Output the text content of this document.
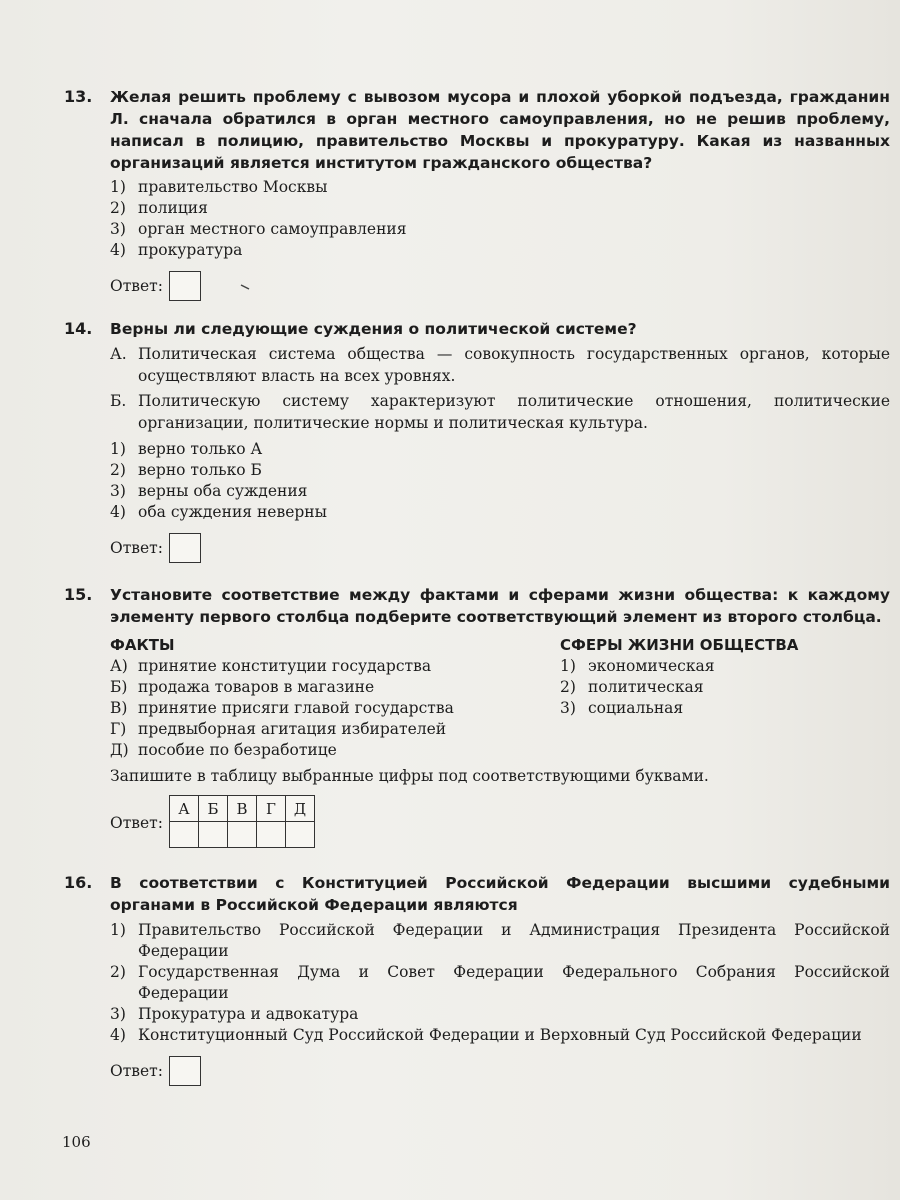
13.	Желая решить проблему с вывозом мусора и плохой уборкой подъезда, гражданин Л. сначала обратился в орган местного самоуправления, но не решив проблему, написал в полицию, правительство Москвы и прокуратуру. Какая из названных организаций является институтом гражданского общества?
1) правительство Москвы
2) полиция
3) орган местного самоуправления
4) прокуратура
Ответ:
14.	Верны ли следующие суждения о политической системе?
А. Политическая система общества — совокупность государственных органов, которые осуществляют власть на всех уровнях.
Б. Политическую систему характеризуют политические отношения, политические организации, политические нормы и политическая культура.
1) верно только А
2) верно только Б
3) верны оба суждения
4) оба суждения неверны
Ответ:
15.	Установите соответствие между фактами и сферами жизни общества: к каждому элементу первого столбца подберите соответствующий элемент из второго столбца.
ФАКТЫ
А) принятие конституции государства
Б) продажа товаров в магазине
В) принятие присяги главой государства
Г) предвыборная агитация избирателей
Д) пособие по безработице
СФЕРЫ ЖИЗНИ ОБЩЕСТВА
1) экономическая
2) политическая
3) социальная
Запишите в таблицу выбранные цифры под соответствующими буквами.
Ответ:
А	Б	В	Г	Д

16.	В соответствии с Конституцией Российской Федерации высшими судебными органами в Российской Федерации являются
1) Правительство Российской Федерации и Администрация Президента Российской Федерации
2) Государственная Дума и Совет Федерации Федерального Собрания Российской Федерации
3) Прокуратура и адвокатура
4) Конституционный Суд Российской Федерации и Верховный Суд Российской Федерации
Ответ:
106
